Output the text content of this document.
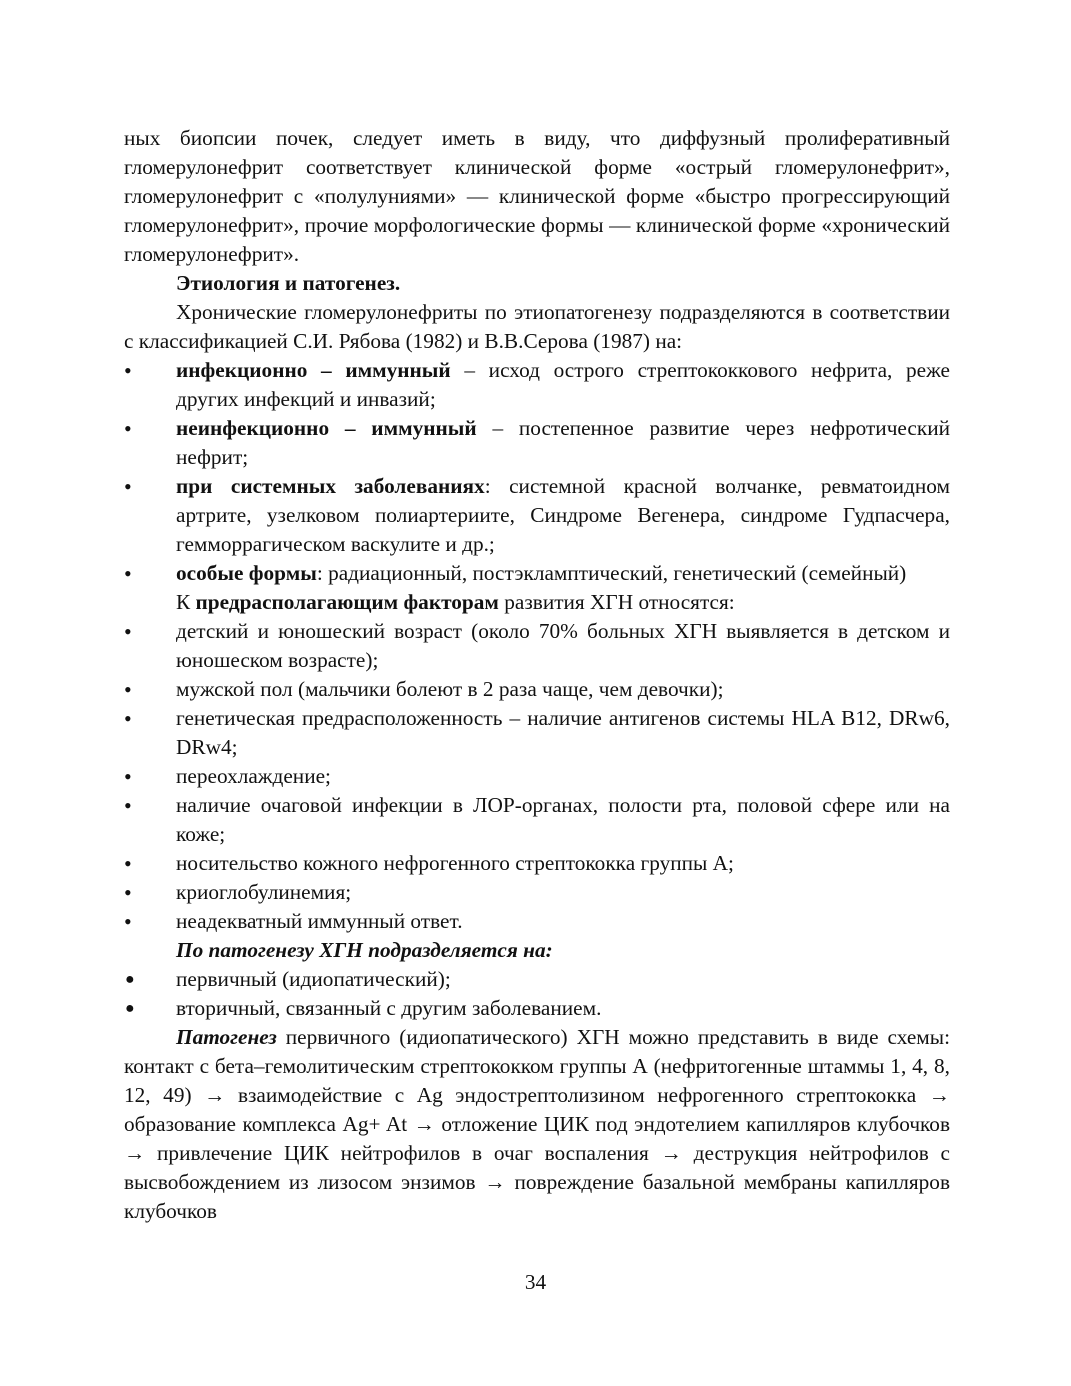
ных биопсии почек, следует иметь в виду, что диффузный пролиферативный гломерулонефрит соответствует клинической форме «острый гломерулонефрит», гломерулонефрит с «полулуниями» — клинической форме «быстро прогрессирующий гломерулонефрит», прочие морфологические формы — клинической форме «хронический гломерулонефрит».

Этиология и патогенез.

Хронические гломерулонефриты по этиопатогенезу подразделяются в соответствии с классификацией С.И. Рябова (1982) и В.В.Серова (1987) на:

• инфекционно – иммунный – исход острого стрептококкового нефрита, реже других инфекций и инвазий;
• неинфекционно – иммунный – постепенное развитие через нефротический нефрит;
• при системных заболеваниях: системной красной волчанке, ревматоидном артрите, узелковом полиартериите, Синдроме Вегенера, синдроме Гудпасчера, гемморрагическом васкулите и др.;
• особые формы: радиационный, постэкламптический, генетический (семейный)

К предрасполагающим факторам развития ХГН относятся:

• детский и юношеский возраст (около 70% больных ХГН выявляется в детском и юношеском возрасте);
• мужской пол (мальчики болеют в 2 раза чаще, чем девочки);
• генетическая предрасположенность – наличие антигенов системы HLA B12, DRw6, DRw4;
• переохлаждение;
• наличие очаговой инфекции в ЛОР-органах, полости рта, половой сфере или на коже;
• носительство кожного нефрогенного стрептококка группы А;
• криоглобулинемия;
• неадекватный иммунный ответ.

По патогенезу ХГН подразделяется на:

● первичный (идиопатический);
● вторичный, связанный с другим заболеванием.

Патогенез первичного (идиопатического) ХГН можно представить в виде схемы: контакт с бета–гемолитическим стрептококком группы А (нефритогенные штаммы 1, 4, 8, 12, 49) → взаимодействие с Ag эндострептолизином нефрогенного стрептококка → образование комплекса Ag+ At → отложение ЦИК под эндотелием капилляров клубочков → привлечение ЦИК нейтрофилов в очаг воспаления → деструкция нейтрофилов с высвобождением из лизосом энзимов → повреждение базальной мембраны капилляров клубочков

34
